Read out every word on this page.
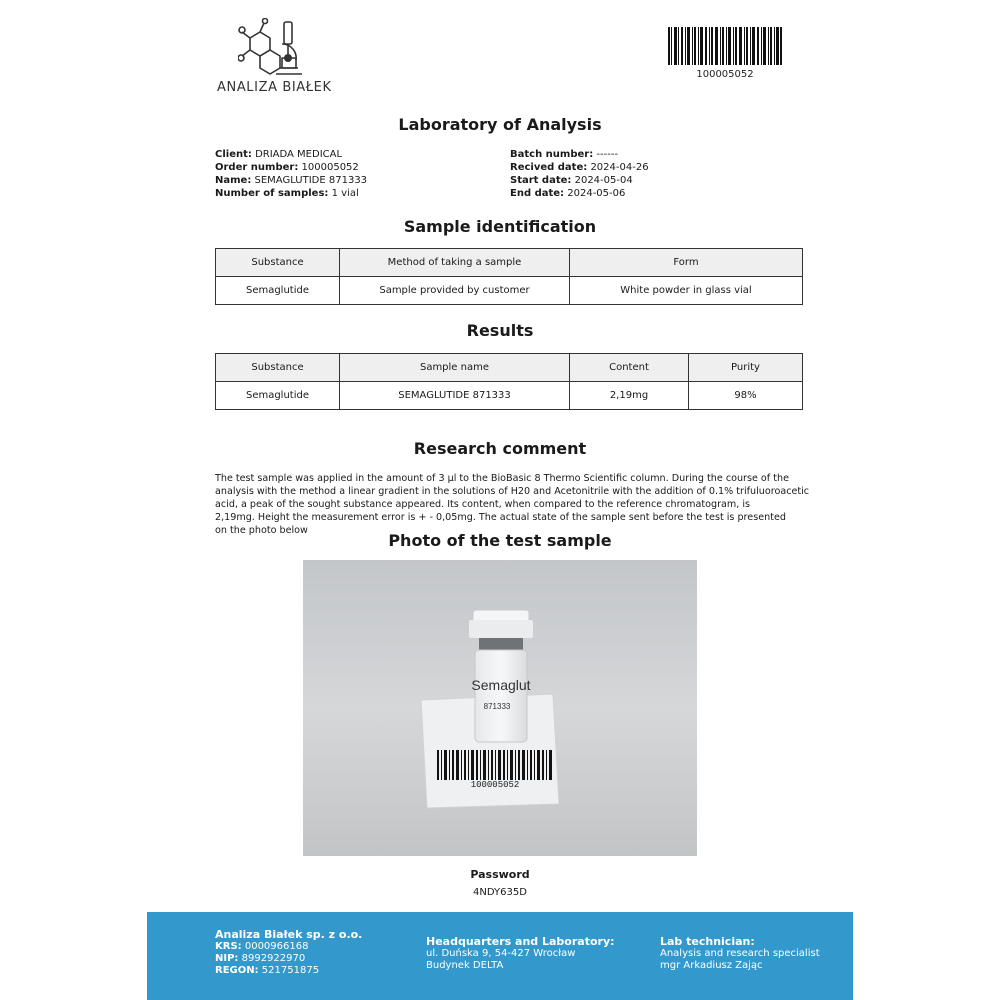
ANALIZA BIAŁEK
100005052
Laboratory of Analysis
Client: DRIADA MEDICAL
Order number: 100005052
Name: SEMAGLUTIDE 871333
Number of samples: 1 vial
Batch number: ------
Recived date: 2024-04-26
Start date: 2024-05-04
End date: 2024-05-06
Sample identification
Substance	Method of taking a sample	Form
Semaglutide	Sample provided by customer	White powder in glass vial
Results
Substance	Sample name	Content	Purity
Semaglutide	SEMAGLUTIDE 871333	2,19mg	98%
Research comment
The test sample was applied in the amount of 3 µl to the BioBasic 8 Thermo Scientific column. During the course of the
analysis with the method a linear gradient in the solutions of H20 and Acetonitrile with the addition of 0.1% trifuluoroacetic
acid, a peak of the sought substance appeared. Its content, when compared to the reference chromatogram, is
2,19mg. Height the measurement error is + - 0,05mg. The actual state of the sample sent before the test is presented
on the photo below
Photo of the test sample
Semaglut
871333
100005052
Password
4NDY635D
Analiza Białek sp. z o.o.
KRS: 0000966168
NIP: 8992922970
REGON: 521751875
Headquarters and Laboratory:
ul. Duńska 9, 54-427 Wrocław
Budynek DELTA
Lab technician:
Analysis and research specialist
mgr Arkadiusz Zając
